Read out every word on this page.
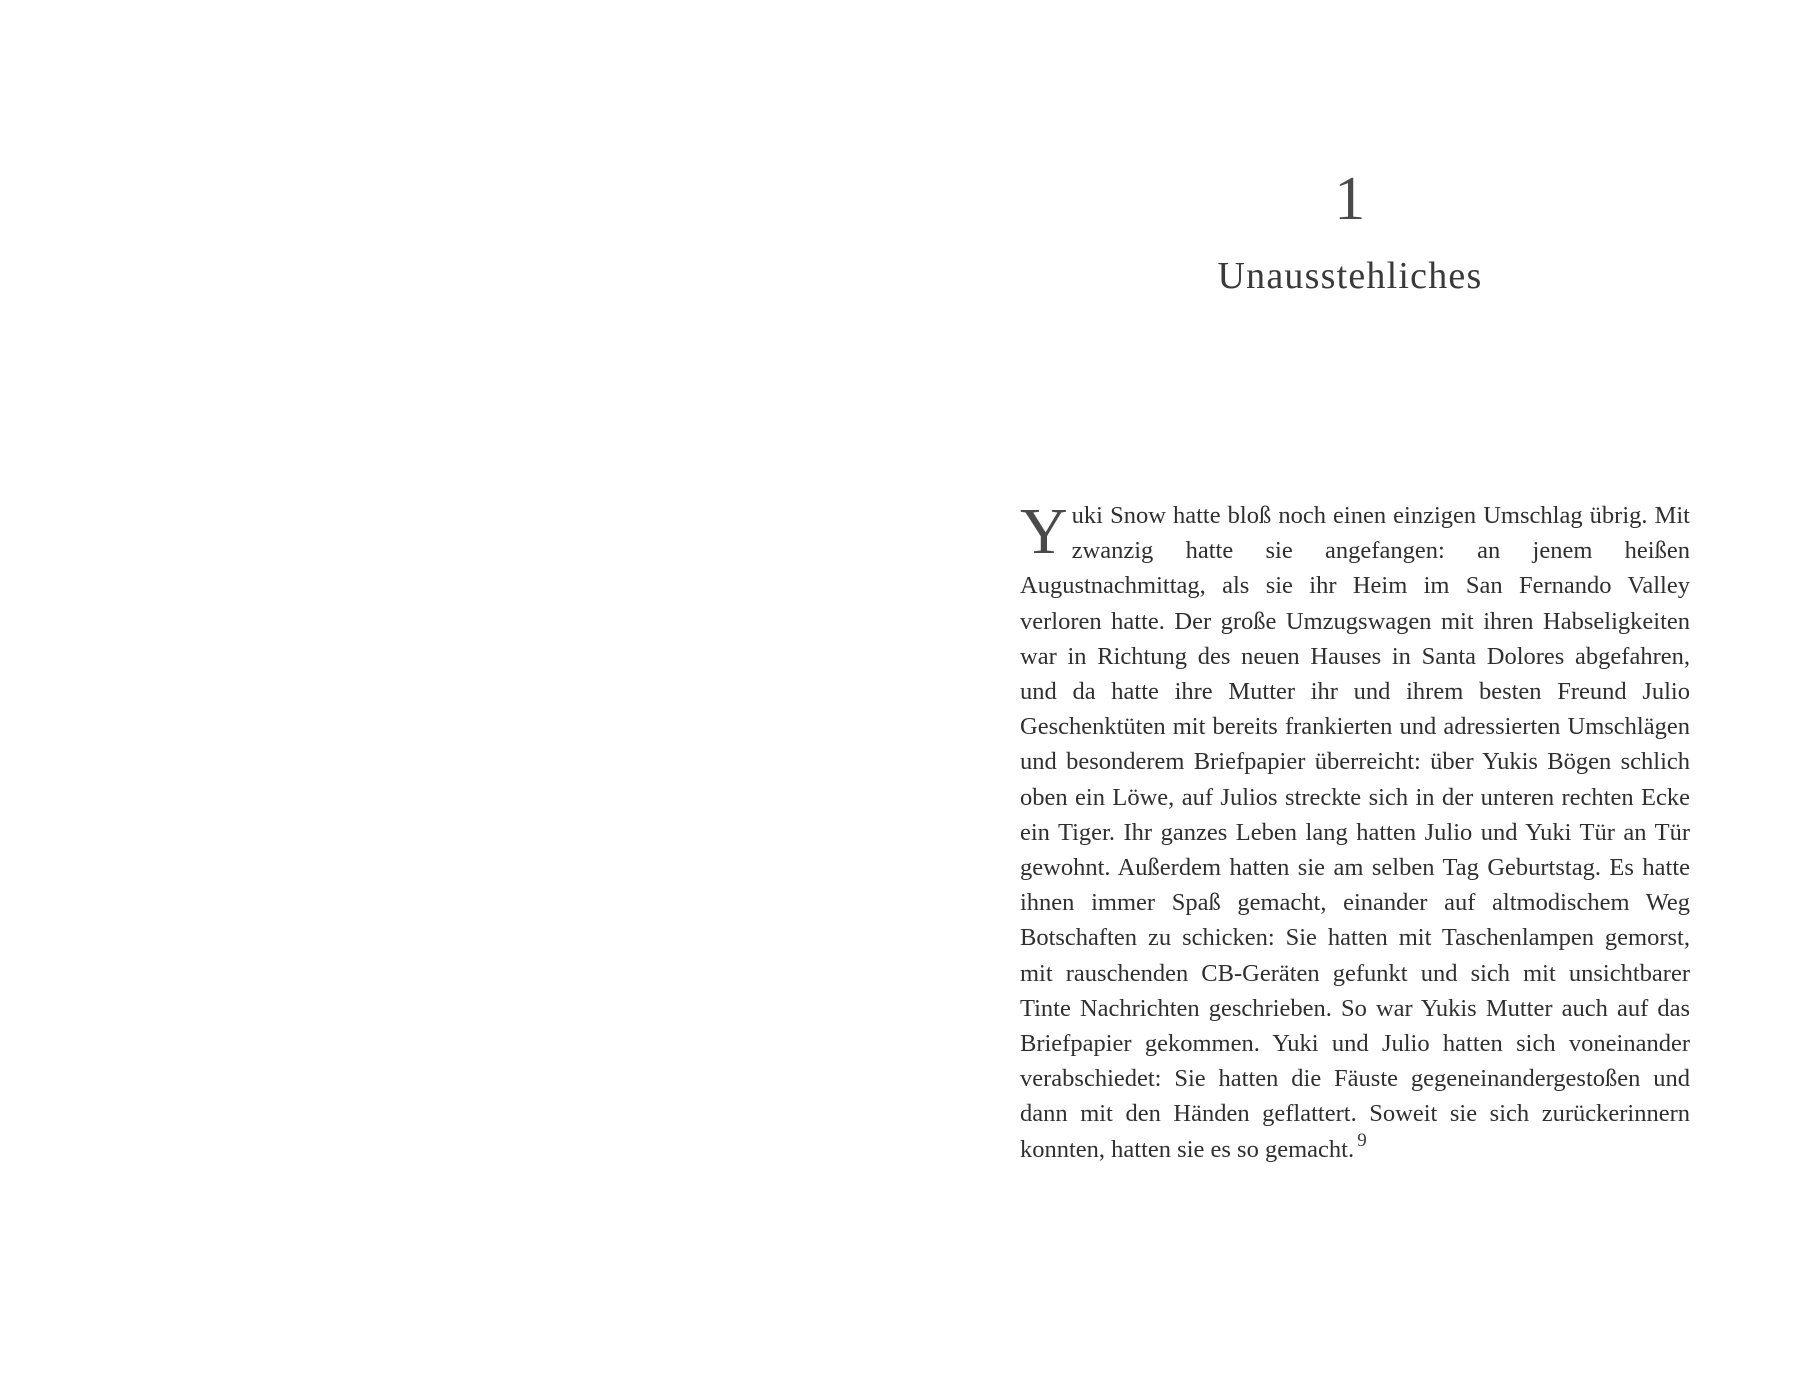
1
Unausstehliches

Yuki Snow hatte bloß noch einen einzigen Umschlag übrig. Mit zwanzig hatte sie angefangen: an jenem heißen Augustnachmittag, als sie ihr Heim im San Fernando Valley verloren hatte. Der große Umzugswagen mit ihren Habseligkeiten war in Richtung des neuen Hauses in Santa Dolores abgefahren, und da hatte ihre Mutter ihr und ihrem besten Freund Julio Geschenktüten mit bereits frankierten und adressierten Umschlägen und besonderem Briefpapier überreicht: über Yukis Bögen schlich oben ein Löwe, auf Julios streckte sich in der unteren rechten Ecke ein Tiger. Ihr ganzes Leben lang hatten Julio und Yuki Tür an Tür gewohnt. Außerdem hatten sie am selben Tag Geburtstag. Es hatte ihnen immer Spaß gemacht, einander auf altmodischem Weg Botschaften zu schicken: Sie hatten mit Taschenlampen gemorst, mit rauschenden CB-Geräten gefunkt und sich mit unsichtbarer Tinte Nachrichten geschrieben. So war Yukis Mutter auch auf das Briefpapier gekommen. Yuki und Julio hatten sich voneinander verabschiedet: Sie hatten die Fäuste gegeneinandergestoßen und dann mit den Händen geflattert. Soweit sie sich zurückerinnern konnten, hatten sie es so gemacht. 9
